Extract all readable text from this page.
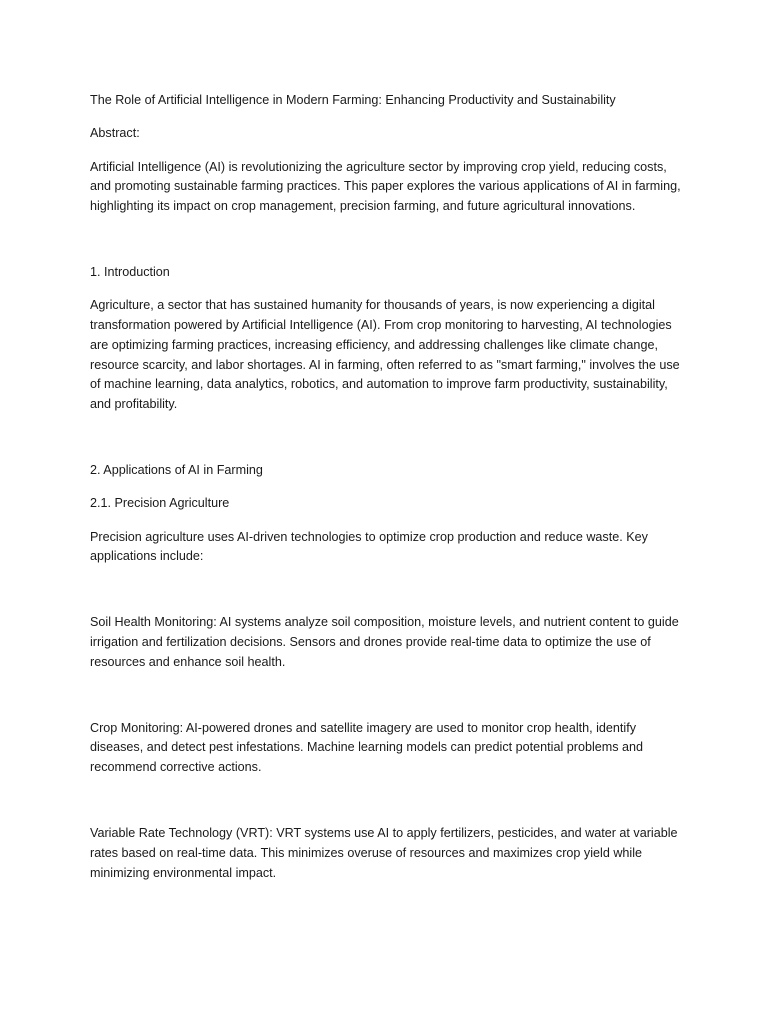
The Role of Artificial Intelligence in Modern Farming: Enhancing Productivity and Sustainability

Abstract:

Artificial Intelligence (AI) is revolutionizing the agriculture sector by improving crop yield, reducing costs, and promoting sustainable farming practices. This paper explores the various applications of AI in farming, highlighting its impact on crop management, precision farming, and future agricultural innovations.

1. Introduction

Agriculture, a sector that has sustained humanity for thousands of years, is now experiencing a digital transformation powered by Artificial Intelligence (AI). From crop monitoring to harvesting, AI technologies are optimizing farming practices, increasing efficiency, and addressing challenges like climate change, resource scarcity, and labor shortages. AI in farming, often referred to as "smart farming," involves the use of machine learning, data analytics, robotics, and automation to improve farm productivity, sustainability, and profitability.

2. Applications of AI in Farming

2.1. Precision Agriculture

Precision agriculture uses AI-driven technologies to optimize crop production and reduce waste. Key applications include:

Soil Health Monitoring: AI systems analyze soil composition, moisture levels, and nutrient content to guide irrigation and fertilization decisions. Sensors and drones provide real-time data to optimize the use of resources and enhance soil health.

Crop Monitoring: AI-powered drones and satellite imagery are used to monitor crop health, identify diseases, and detect pest infestations. Machine learning models can predict potential problems and recommend corrective actions.

Variable Rate Technology (VRT): VRT systems use AI to apply fertilizers, pesticides, and water at variable rates based on real-time data. This minimizes overuse of resources and maximizes crop yield while minimizing environmental impact.
